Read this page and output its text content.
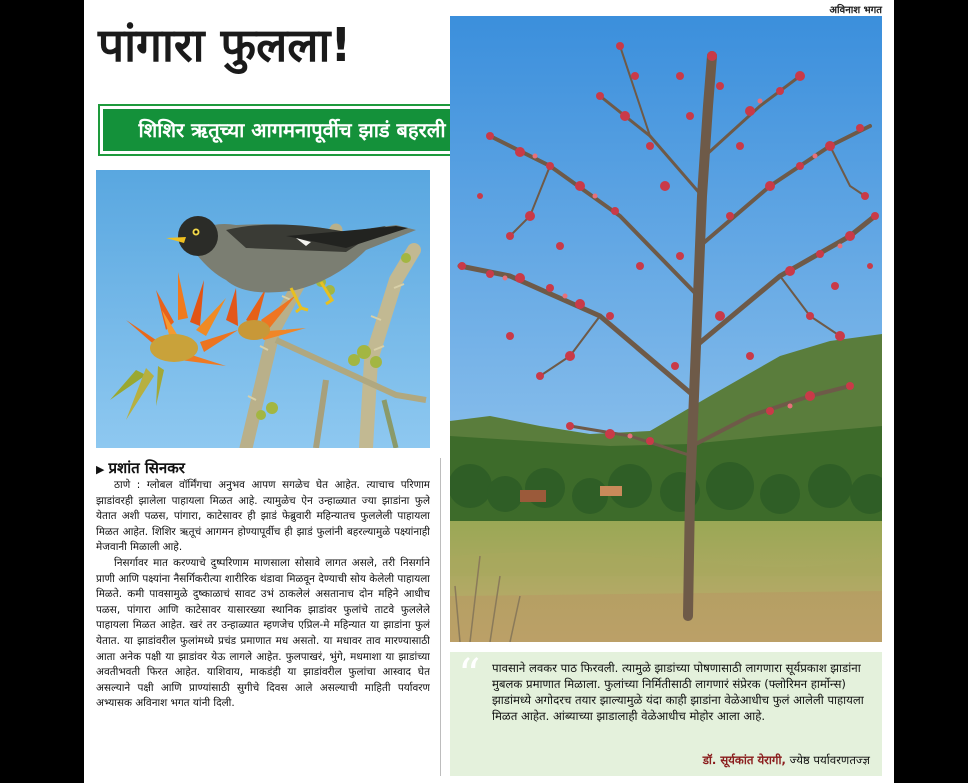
अविनाश भगत
पांगारा फुलला!
शिशिर ऋतूच्या आगमनापूर्वीच झाडं बहरली
▶ प्रशांत सिनकर

ठाणे : ग्लोबल वॉर्मिंगचा अनुभव आपण सगळेच घेत आहेत. त्याचाच परिणाम झाडांवरही झालेला पाहायला मिळत आहे. त्यामुळेच ऐन उन्हाळ्यात ज्या झाडांना फुले येतात अशी पळस, पांगारा, काटेसावर ही झाडं फेब्रुवारी महिन्यातच फुललेली पाहायला मिळत आहेत. शिशिर ऋतूचं आगमन होण्यापूर्वीच ही झाडं फुलांनी बहरल्यामुळे पक्ष्यांनाही मेजवानी मिळाली आहे.

निसर्गावर मात करण्याचे दुष्परिणाम माणसाला सोसावे लागत असले, तरी निसर्गाने प्राणी आणि पक्ष्यांना नैसर्गिकरीत्या शारीरिक थंडावा मिळवून देण्याची सोय केलेली पाहायला मिळते. कमी पावसामुळे दुष्काळाचं सावट उभं ठाकलेलं असतानाच दोन महिने आधीच पळस, पांगारा आणि काटेसावर यासारख्या स्थानिक झाडांवर फुलांचे ताटवे फुललेले पाहायला मिळत आहेत. खरं तर उन्हाळ्यात म्हणजेच एप्रिल-मे महिन्यात या झाडांना फुलं येतात. या झाडांवरील फुलांमध्ये प्रचंड प्रमाणात मध असतो. या मधावर ताव मारण्यासाठी आता अनेक पक्षी या झाडांवर येऊ लागले आहेत. फुलपाखरं, भुंगे, मधमाशा या झाडांच्या अवतीभवती फिरत आहेत. याशिवाय, माकडंही या झाडांवरील फुलांचा आस्वाद घेत असल्याने पक्षी आणि प्राण्यांसाठी सुगीचे दिवस आले असल्याची माहिती पर्यावरण अभ्यासक अविनाश भगत यांनी दिली.

“ पावसाने लवकर पाठ फिरवली. त्यामुळे झाडांच्या पोषणासाठी लागणारा सूर्यप्रकाश झाडांना मुबलक प्रमाणात मिळाला. फुलांच्या निर्मितीसाठी लागणारं संप्रेरक (फ्लोरिमन हार्मोन्स) झाडांमध्ये अगोदरच तयार झाल्यामुळे यंदा काही झाडांना वेळेआधीच फुलं आलेली पाहायला मिळत आहेत. आंब्याच्या झाडालाही वेळेआधीच मोहोर आला आहे.
डॉ. सूर्यकांत येरागी, ज्येष्ठ पर्यावरणतज्ज्ञ
